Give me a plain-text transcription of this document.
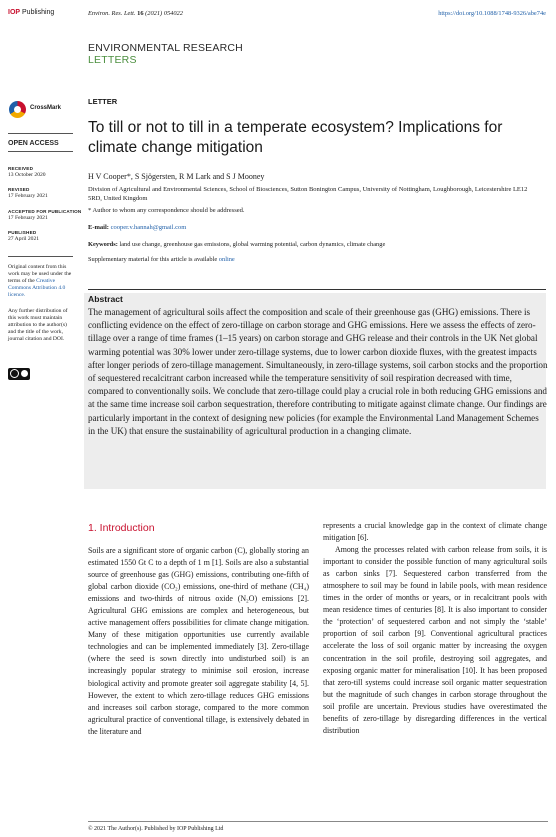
IOP Publishing	Environ. Res. Lett. 16 (2021) 054022	https://doi.org/10.1088/1748-9326/abe74e
ENVIRONMENTAL RESEARCH
LETTERS
CrossMark
OPEN ACCESS
RECEIVED
13 October 2020
REVISED
17 February 2021
ACCEPTED FOR PUBLICATION
17 February 2021
PUBLISHED
27 April 2021
Original content from this work may be used under the terms of the Creative Commons Attribution 4.0 licence.
Any further distribution of this work must maintain attribution to the author(s) and the title of the work, journal citation and DOI.
LETTER
To till or not to till in a temperate ecosystem? Implications for climate change mitigation
H V Cooper*, S Sjögersten, R M Lark and S J Mooney
Division of Agricultural and Environmental Sciences, School of Biosciences, Sutton Bonington Campus, University of Nottingham, Loughborough, Leicestershire LE12 5RD, United Kingdom
* Author to whom any correspondence should be addressed.
E-mail: cooper.v.hannah@gmail.com
Keywords: land use change, greenhouse gas emissions, global warming potential, carbon dynamics, climate change
Supplementary material for this article is available online
Abstract
The management of agricultural soils affect the composition and scale of their greenhouse gas (GHG) emissions. There is conflicting evidence on the effect of zero-tillage on carbon storage and GHG emissions. Here we assess the effects of zero-tillage over a range of time frames (1–15 years) on carbon storage and GHG release and their controls in the UK Net global warming potential was 30% lower under zero-tillage systems, due to lower carbon dioxide fluxes, with the greatest impacts after longer periods of zero-tillage management. Simultaneously, in zero-tillage systems, soil carbon stocks and the proportion of sequestered recalcitrant carbon increased while the temperature sensitivity of soil respiration decreased with time, compared to conventionally soils. We conclude that zero-tillage could play a crucial role in both reducing GHG emissions and at the same time increase soil carbon sequestration, therefore contributing to mitigate against climate change. Our findings are particularly important in the context of designing new policies (for example the Environmental Land Management Schemes in the UK) that ensure the sustainability of agricultural production in a changing climate.
1. Introduction
Soils are a significant store of organic carbon (C), globally storing an estimated 1550 Gt C to a depth of 1 m [1]. Soils are also a substantial source of greenhouse gas (GHG) emissions, contributing one-fifth of global carbon dioxide (CO₂) emissions, one-third of methane (CH₄) emissions and two-thirds of nitrous oxide (N₂O) emissions [2]. Agricultural GHG emissions are complex and heterogeneous, but active management offers possibilities for climate change mitigation. Many of these mitigation opportunities use currently available technologies and can be implemented immediately [3]. Zero-tillage (where the seed is sown directly into undisturbed soil) is an increasingly popular strategy to minimise soil erosion, increase biological activity and promote greater soil aggregate stability [4, 5]. However, the extent to which zero-tillage reduces GHG emissions and increases soil carbon storage, compared to the more common agricultural practice of conventional tillage, is extensively debated in the literature and
represents a crucial knowledge gap in the context of climate change mitigation [6].
Among the processes related with carbon release from soils, it is important to consider the possible function of many agricultural soils as carbon sinks [7]. Sequestered carbon transferred from the atmosphere to soil may be found in labile pools, with mean residence times in the order of months or years, or in recalcitrant pools with mean residence times of centuries [8]. It is also important to consider the ‘protection’ of sequestered carbon and not simply the ‘stable’ proportion of soil carbon [9]. Conventional agricultural practices accelerate the loss of soil organic matter by increasing the oxygen concentration in the soil profile, destroying soil aggregates, and exposing organic matter for mineralisation [10]. It has been proposed that zero-till systems could increase soil organic matter sequestration but the magnitude of such changes in carbon storage throughout the soil profile are uncertain. Previous studies have overestimated the benefits of zero-tillage by disregarding differences in the vertical distribution
© 2021 The Author(s). Published by IOP Publishing Ltd
